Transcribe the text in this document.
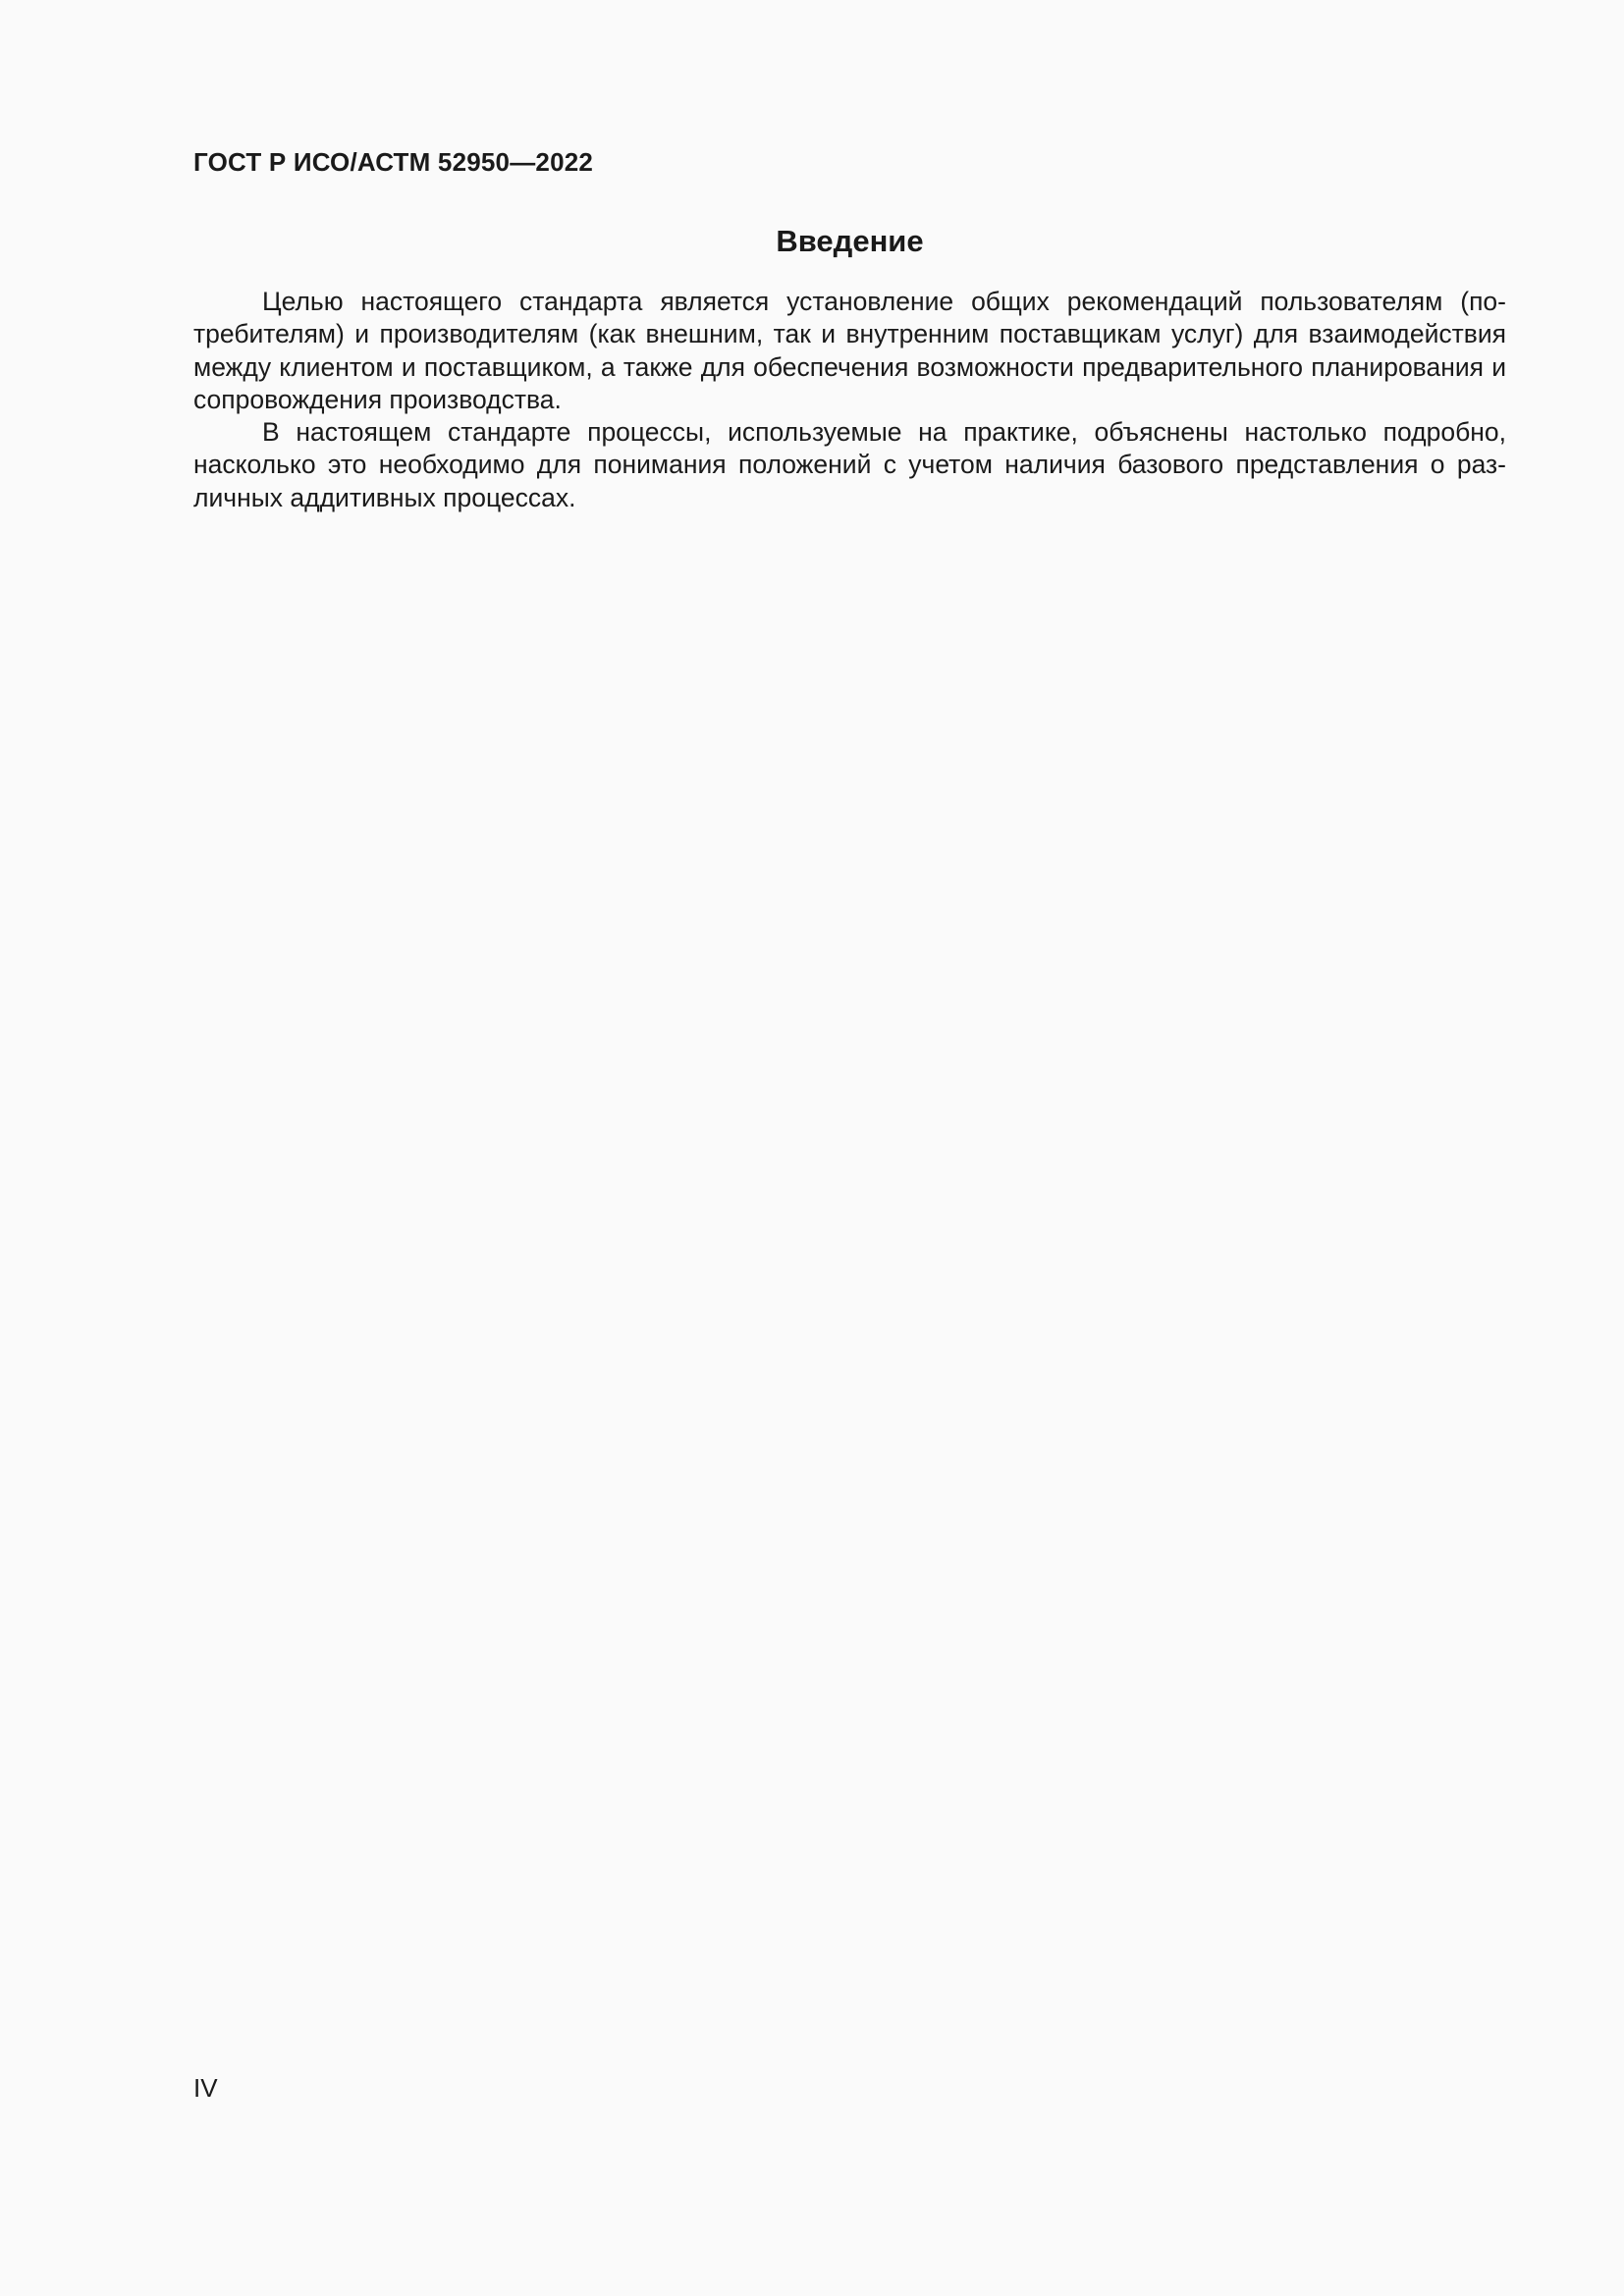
ГОСТ Р ИСО/АСТМ 52950—2022
Введение

Целью настоящего стандарта является установление общих рекомендаций пользователям (потребителям) и производителям (как внешним, так и внутренним поставщикам услуг) для взаимодействия между клиентом и поставщиком, а также для обеспечения возможности предварительного планирования и сопровождения производства.

В настоящем стандарте процессы, используемые на практике, объяснены настолько подробно, насколько это необходимо для понимания положений с учетом наличия базового представления о различных аддитивных процессах.

IV
